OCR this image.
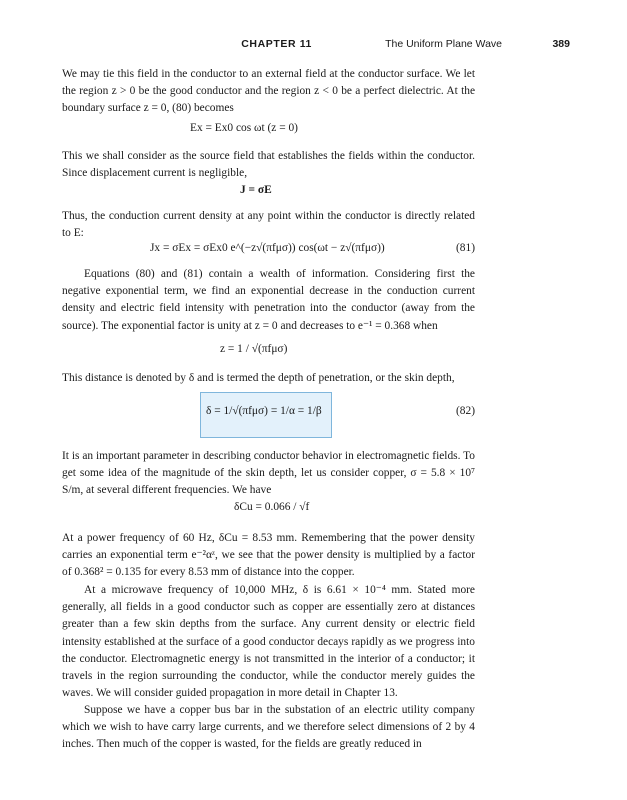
CHAPTER 11	The Uniform Plane Wave	389

We may tie this field in the conductor to an external field at the conductor surface. We let the region z > 0 be the good conductor and the region z < 0 be a perfect dielectric. At the boundary surface z = 0, (80) becomes

Ex = Ex0 cos ωt (z = 0)

This we shall consider as the source field that establishes the fields within the conductor. Since displacement current is negligible,

J = σE

Thus, the conduction current density at any point within the conductor is directly related to E:

Jx = σEx = σEx0 e^(−z√(πfμσ)) cos(ωt − z√(πfμσ))	(81)

Equations (80) and (81) contain a wealth of information. Considering first the negative exponential term, we find an exponential decrease in the conduction current density and electric field intensity with penetration into the conductor (away from the source). The exponential factor is unity at z = 0 and decreases to e⁻¹ = 0.368 when

z = 1 / √(πfμσ)

This distance is denoted by δ and is termed the depth of penetration, or the skin depth,

δ = 1/√(πfμσ) = 1/α = 1/β	(82)

It is an important parameter in describing conductor behavior in electromagnetic fields. To get some idea of the magnitude of the skin depth, let us consider copper, σ = 5.8 × 10⁷ S/m, at several different frequencies. We have

δCu = 0.066 / √f

At a power frequency of 60 Hz, δCu = 8.53 mm. Remembering that the power density carries an exponential term e⁻²αᶻ, we see that the power density is multiplied by a factor of 0.368² = 0.135 for every 8.53 mm of distance into the copper.

At a microwave frequency of 10,000 MHz, δ is 6.61 × 10⁻⁴ mm. Stated more generally, all fields in a good conductor such as copper are essentially zero at distances greater than a few skin depths from the surface. Any current density or electric field intensity established at the surface of a good conductor decays rapidly as we progress into the conductor. Electromagnetic energy is not transmitted in the interior of a conductor; it travels in the region surrounding the conductor, while the conductor merely guides the waves. We will consider guided propagation in more detail in Chapter 13.

Suppose we have a copper bus bar in the substation of an electric utility company which we wish to have carry large currents, and we therefore select dimensions of 2 by 4 inches. Then much of the copper is wasted, for the fields are greatly reduced in
